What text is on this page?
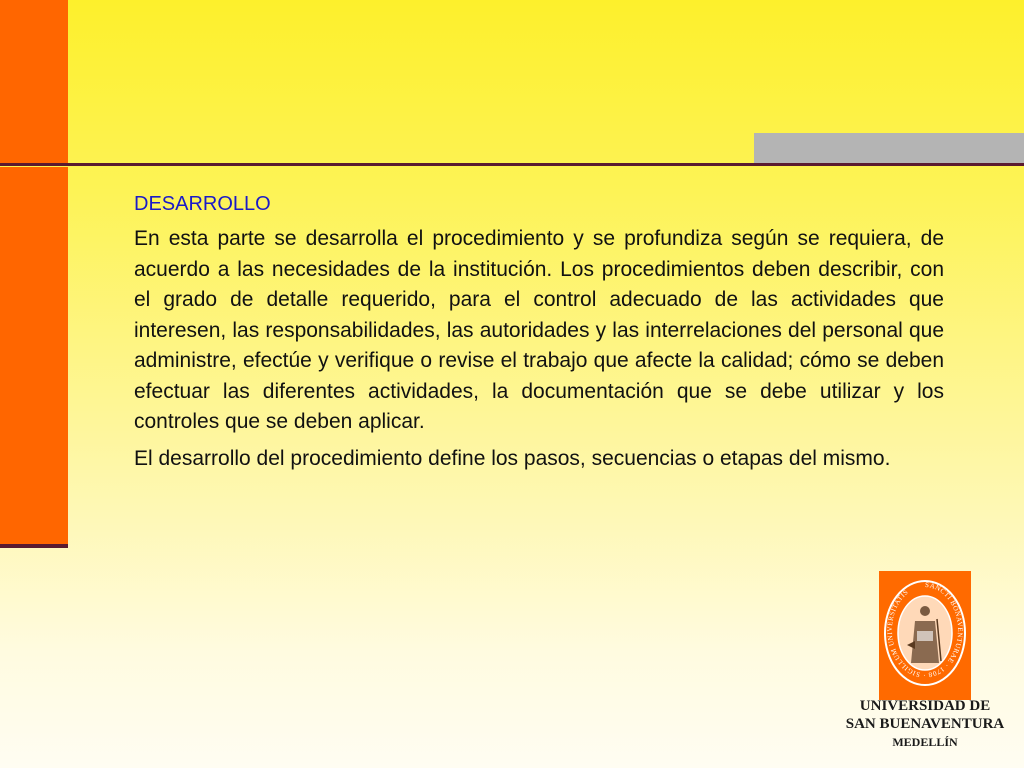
DESARROLLO

En esta parte se desarrolla el procedimiento y se profundiza según se requiera, de acuerdo a las necesidades de la institución. Los procedimientos deben describir, con el grado de detalle requerido, para el control adecuado de las actividades que interesen, las responsabilidades, las autoridades y las interrelaciones del personal que administre, efectúe y verifique o revise el trabajo que afecte la calidad; cómo se deben efectuar las diferentes actividades, la documentación que se debe utilizar y los controles que se deben aplicar.

El desarrollo del procedimiento define los pasos, secuencias o etapas del mismo.

SANCTI BONAVENTURAE · 1708 · SIGILLUM UNIVERSITATIS
UNIVERSIDAD DE
SAN BUENAVENTURA
MEDELLÍN
